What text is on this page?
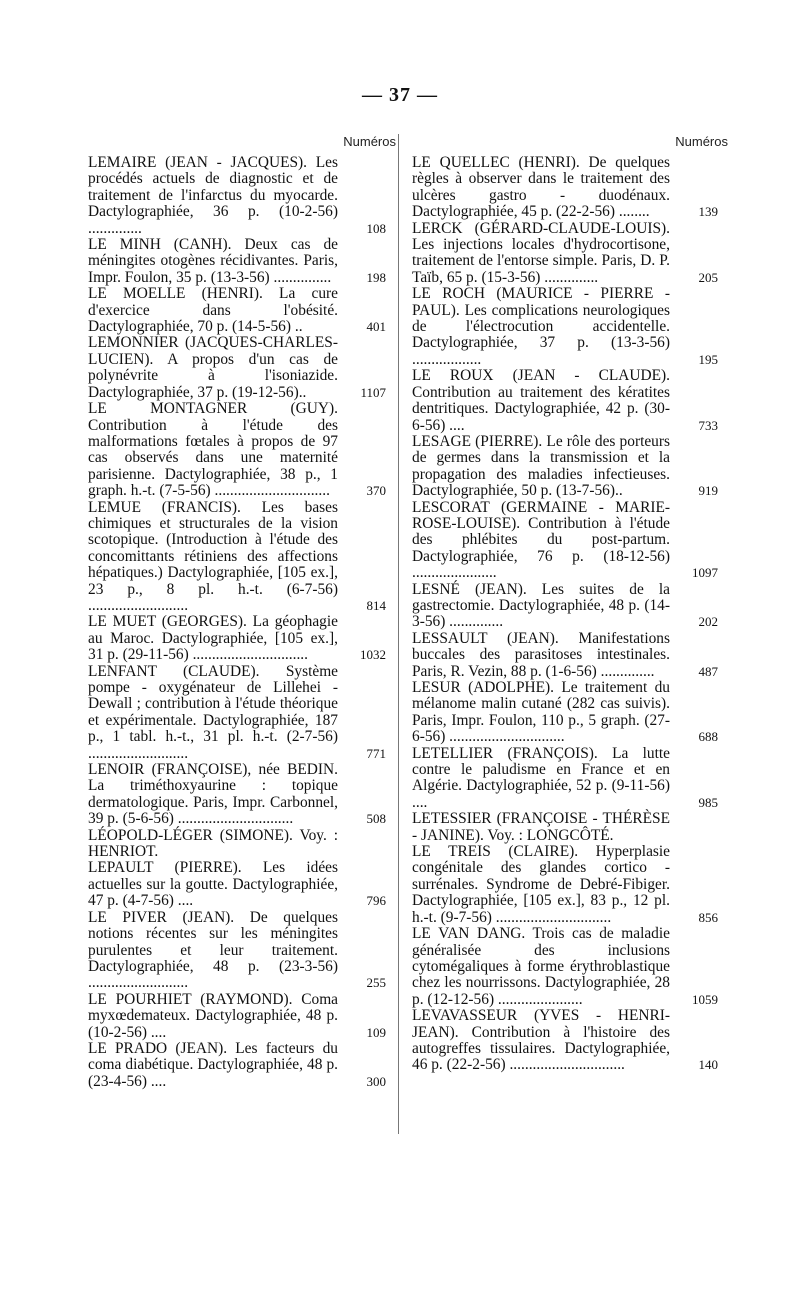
— 37 —
Numéros
LEMAIRE (JEAN - JACQUES). Les procédés actuels de diagnostic et de traitement de l'infarctus du myocarde. Dactylographiée, 36 p. (10-2-56) ..............	108
LE MINH (CANH). Deux cas de méningites otogènes récidivantes. Paris, Impr. Foulon, 35 p. (13-3-56) ...............	198
LE MOELLE (HENRI). La cure d'exercice dans l'obésité. Dactylographiée, 70 p. (14-5-56) ..	401
LEMONNIER (JACQUES-CHARLES-LUCIEN). A propos d'un cas de polynévrite à l'isoniazide. Dactylographiée, 37 p. (19-12-56)..	1107
LE MONTAGNER (GUY). Contribution à l'étude des malformations fœtales à propos de 97 cas observés dans une maternité parisienne. Dactylographiée, 38 p., 1 graph. h.-t. (7-5-56) ..............................	370
LEMUE (FRANCIS). Les bases chimiques et structurales de la vision scotopique. (Introduction à l'étude des concomittants rétiniens des affections hépatiques.) Dactylographiée, [105 ex.], 23 p., 8 pl. h.-t. (6-7-56) ..........................	814
LE MUET (GEORGES). La géophagie au Maroc. Dactylographiée, [105 ex.], 31 p. (29-11-56) ..............................	1032
LENFANT (CLAUDE). Système pompe - oxygénateur de Lillehei - Dewall ; contribution à l'étude théorique et expérimentale. Dactylographiée, 187 p., 1 tabl. h.-t., 31 pl. h.-t. (2-7-56) ..........................	771
LENOIR (FRANÇOISE), née BEDIN. La triméthoxyaurine : topique dermatologique. Paris, Impr. Carbonnel, 39 p. (5-6-56) ..............................	508
LÉOPOLD-LÉGER (SIMONE). Voy. : HENRIOT.
LEPAULT (PIERRE). Les idées actuelles sur la goutte. Dactylographiée, 47 p. (4-7-56) ....	796
LE PIVER (JEAN). De quelques notions récentes sur les méningites purulentes et leur traitement. Dactylographiée, 48 p. (23-3-56) ..........................	255
LE POURHIET (RAYMOND). Coma myxœdemateux. Dactylographiée, 48 p. (10-2-56) ....	109
LE PRADO (JEAN). Les facteurs du coma diabétique. Dactylographiée, 48 p. (23-4-56) ....	300
Numéros
LE QUELLEC (HENRI). De quelques règles à observer dans le traitement des ulcères gastro - duodénaux. Dactylographiée, 45 p. (22-2-56) ........	139
LERCK (GÉRARD-CLAUDE-LOUIS). Les injections locales d'hydrocortisone, traitement de l'entorse simple. Paris, D. P. Taïb, 65 p. (15-3-56) ..............	205
LE ROCH (MAURICE - PIERRE - PAUL). Les complications neurologiques de l'électrocution accidentelle. Dactylographiée, 37 p. (13-3-56) ..................	195
LE ROUX (JEAN - CLAUDE). Contribution au traitement des kératites dentritiques. Dactylographiée, 42 p. (30-6-56) ....	733
LESAGE (PIERRE). Le rôle des porteurs de germes dans la transmission et la propagation des maladies infectieuses. Dactylographiée, 50 p. (13-7-56)..	919
LESCORAT (GERMAINE - MARIE-ROSE-LOUISE). Contribution à l'étude des phlébites du post-partum. Dactylographiée, 76 p. (18-12-56) ......................	1097
LESNÉ (JEAN). Les suites de la gastrectomie. Dactylographiée, 48 p. (14-3-56) ..............	202
LESSAULT (JEAN). Manifestations buccales des parasitoses intestinales. Paris, R. Vezin, 88 p. (1-6-56) ..............	487
LESUR (ADOLPHE). Le traitement du mélanome malin cutané (282 cas suivis). Paris, Impr. Foulon, 110 p., 5 graph. (27-6-56) ..............................	688
LETELLIER (FRANÇOIS). La lutte contre le paludisme en France et en Algérie. Dactylographiée, 52 p. (9-11-56) ....	985
LETESSIER (FRANÇOISE - THÉRÈSE - JANINE). Voy. : LONGCÔTÉ.
LE TREIS (CLAIRE). Hyperplasie congénitale des glandes cortico - surrénales. Syndrome de Debré-Fibiger. Dactylographiée, [105 ex.], 83 p., 12 pl. h.-t. (9-7-56) ..............................	856
LE VAN DANG. Trois cas de maladie généralisée des inclusions cytomégaliques à forme érythroblastique chez les nourrissons. Dactylographiée, 28 p. (12-12-56) ......................	1059
LEVAVASSEUR (YVES - HENRI-JEAN). Contribution à l'histoire des autogreffes tissulaires. Dactylographiée, 46 p. (22-2-56) ..............................	140
